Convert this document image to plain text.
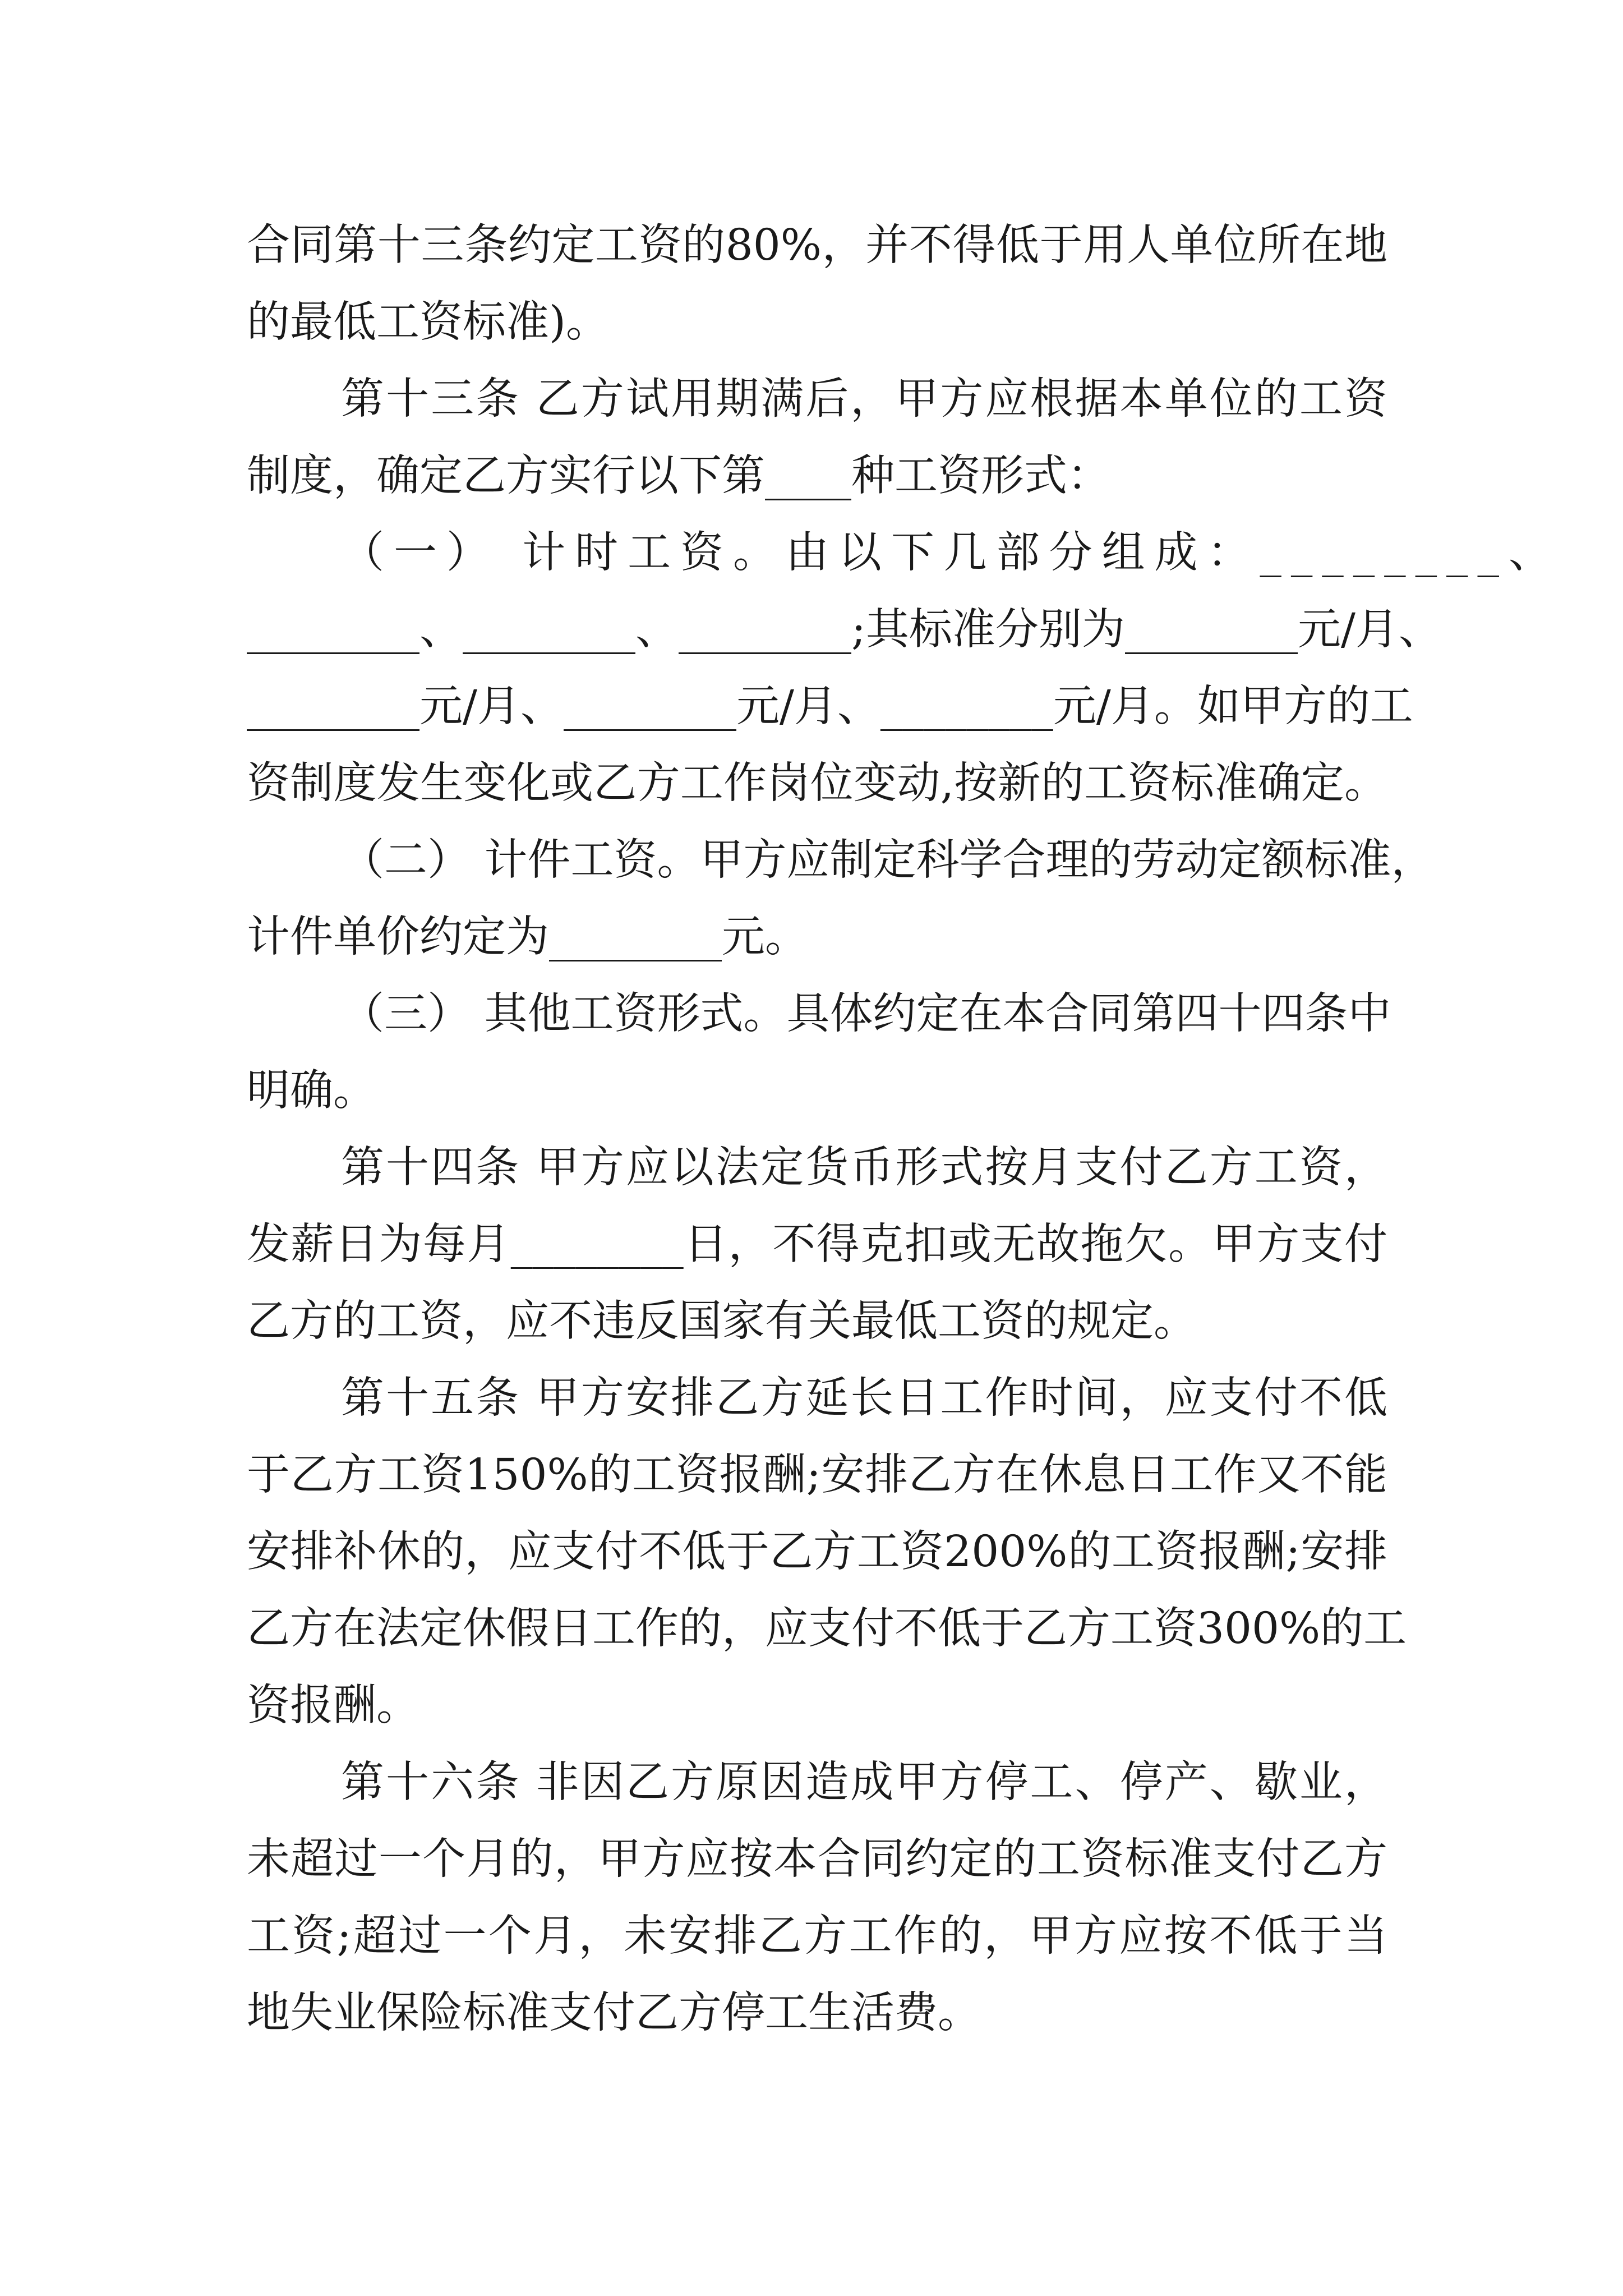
合同第十三条约定工资的80%，并不得低于用人单位所在地
的最低工资标准)。
第十三条 乙方试用期满后，甲方应根据本单位的工资
制度，确定乙方实行以下第____种工资形式：
（一） 计时工资。由以下几部分组成：________、
________、________、________;其标准分别为________元/月、
________元/月、________元/月、________元/月。如甲方的工
资制度发生变化或乙方工作岗位变动,按新的工资标准确定。
（二） 计件工资。甲方应制定科学合理的劳动定额标准，
计件单价约定为________元。
（三） 其他工资形式。具体约定在本合同第四十四条中
明确。
第十四条 甲方应以法定货币形式按月支付乙方工资，
发薪日为每月________日，不得克扣或无故拖欠。甲方支付
乙方的工资，应不违反国家有关最低工资的规定。
第十五条 甲方安排乙方延长日工作时间，应支付不低
于乙方工资150%的工资报酬;安排乙方在休息日工作又不能
安排补休的，应支付不低于乙方工资200%的工资报酬;安排
乙方在法定休假日工作的，应支付不低于乙方工资300%的工
资报酬。
第十六条 非因乙方原因造成甲方停工、停产、歇业，
未超过一个月的，甲方应按本合同约定的工资标准支付乙方
工资;超过一个月，未安排乙方工作的，甲方应按不低于当
地失业保险标准支付乙方停工生活费。
